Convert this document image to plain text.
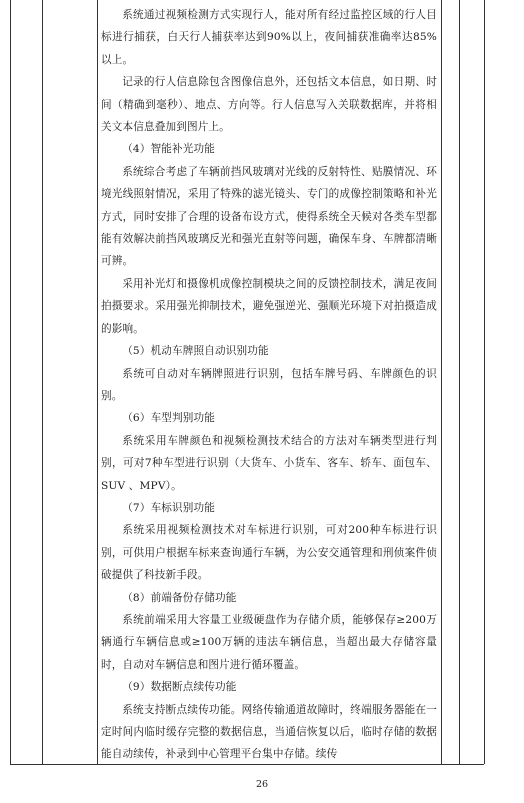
系统通过视频检测方式实现行人，能对所有经过监控区域的行人目标进行捕获，白天行人捕获率达到90%以上，夜间捕获准确率达85%以上。

记录的行人信息除包含图像信息外，还包括文本信息，如日期、时间（精确到毫秒）、地点、方向等。行人信息写入关联数据库，并将相关文本信息叠加到图片上。

（4）智能补光功能

系统综合考虑了车辆前挡风玻璃对光线的反射特性、贴膜情况、环境光线照射情况，采用了特殊的滤光镜头、专门的成像控制策略和补光方式，同时安排了合理的设备布设方式，使得系统全天候对各类车型都能有效解决前挡风玻璃反光和强光直射等问题，确保车身、车牌都清晰可辨。

采用补光灯和摄像机成像控制模块之间的反馈控制技术，满足夜间拍摄要求。采用强光抑制技术，避免强逆光、强顺光环境下对拍摄造成的影响。

（5）机动车牌照自动识别功能

系统可自动对车辆牌照进行识别，包括车牌号码、车牌颜色的识别。

（6）车型判别功能

系统采用车牌颜色和视频检测技术结合的方法对车辆类型进行判别，可对7种车型进行识别（大货车、小货车、客车、轿车、面包车、SUV 、MPV）。

（7）车标识别功能

系统采用视频检测技术对车标进行识别，可对200种车标进行识别，可供用户根据车标来查询通行车辆，为公安交通管理和刑侦案件侦破提供了科技新手段。

（8）前端备份存储功能

系统前端采用大容量工业级硬盘作为存储介质，能够保存≥200万辆通行车辆信息或≥100万辆的违法车辆信息，当超出最大存储容量时，自动对车辆信息和图片进行循环覆盖。

（9）数据断点续传功能

系统支持断点续传功能。网络传输通道故障时，终端服务器能在一定时间内临时缓存完整的数据信息，当通信恢复以后，临时存储的数据能自动续传，补录到中心管理平台集中存储。续传

26
